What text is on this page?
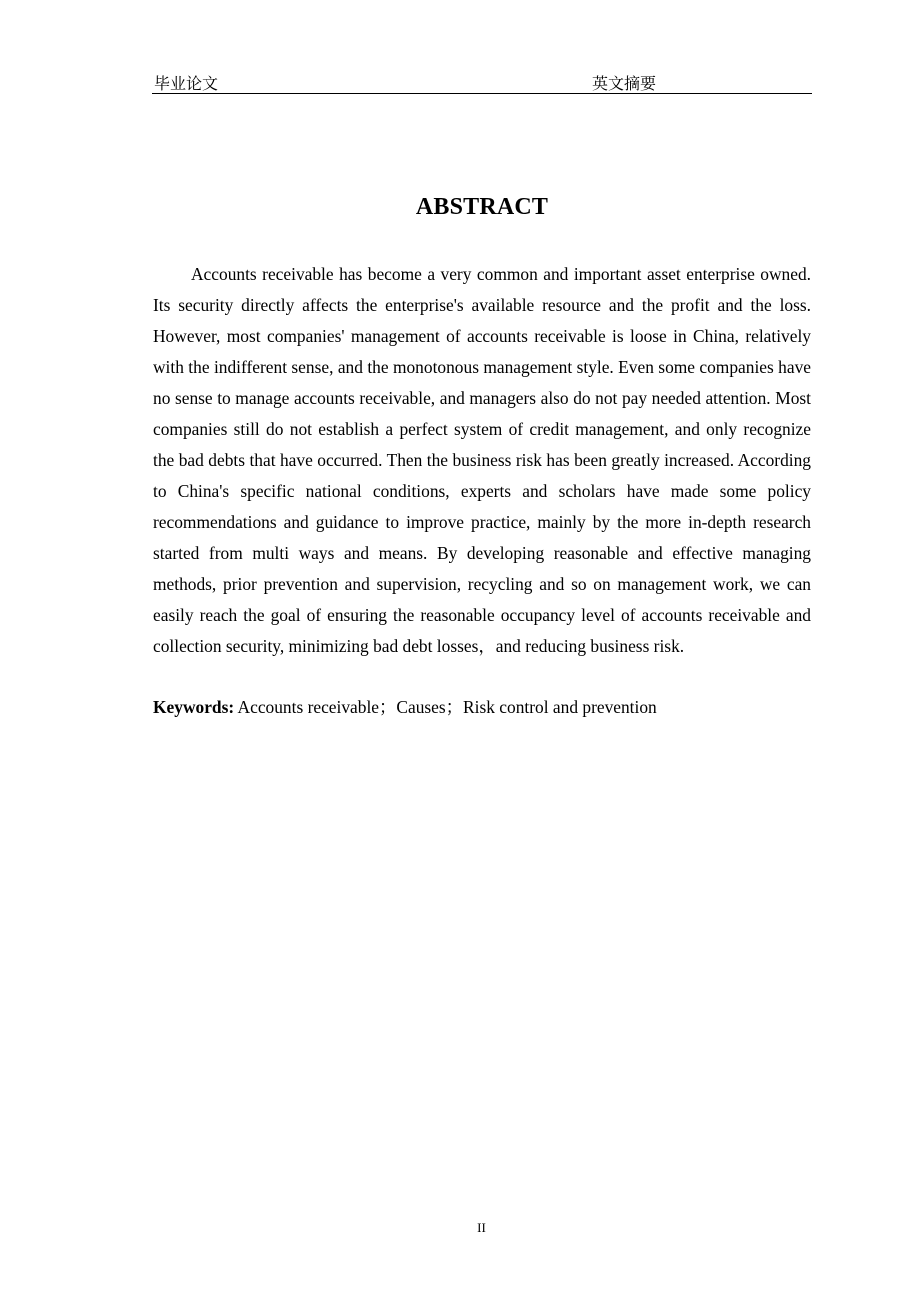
毕业论文	英文摘要
ABSTRACT

Accounts receivable has become a very common and important asset enterprise owned. Its security directly affects the enterprise's available resource and the profit and the loss. However, most companies' management of accounts receivable is loose in China, relatively with the indifferent sense, and the monotonous management style. Even some companies have no sense to manage accounts receivable, and managers also do not pay needed attention. Most companies still do not establish a perfect system of credit management, and only recognize the bad debts that have occurred. Then the business risk has been greatly increased. According to China's specific national conditions, experts and scholars have made some policy recommendations and guidance to improve practice, mainly by the more in-depth research started from multi ways and means. By developing reasonable and effective managing methods, prior prevention and supervision, recycling and so on management work, we can easily reach the goal of ensuring the reasonable occupancy level of accounts receivable and collection security, minimizing bad debt losses，and reducing business risk.

Keywords: Accounts receivable；Causes；Risk control and prevention

II
